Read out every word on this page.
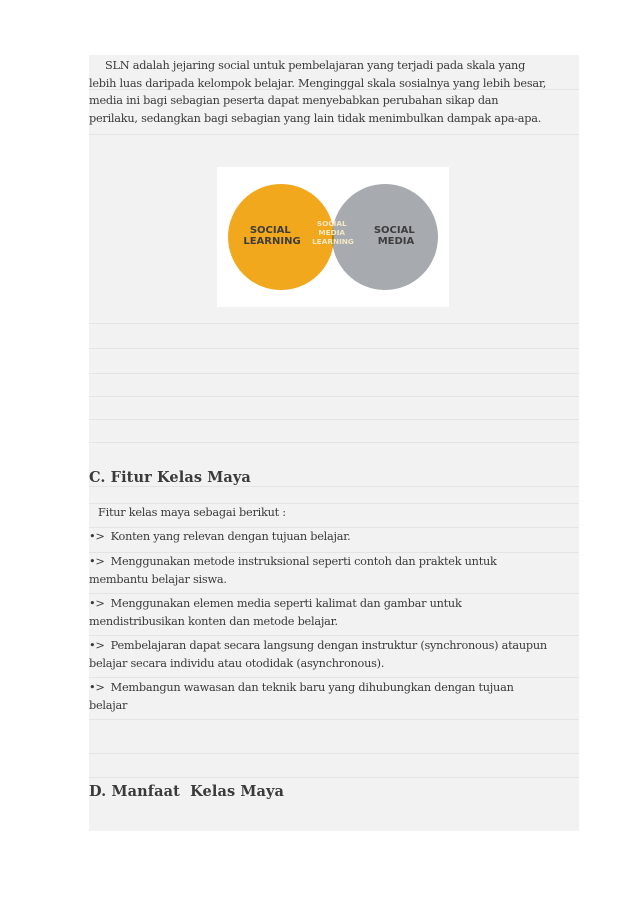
SLN adalah jejaring social untuk pembelajaran yang terjadi pada skala yang
lebih luas daripada kelompok belajar. Menginggal skala sosialnya yang lebih besar,
media ini bagi sebagian peserta dapat menyebabkan perubahan sikap dan
perilaku, sedangkan bagi sebagian yang lain tidak menimbulkan dampak apa-apa.

SOCIAL LEARNING
SOCIAL MEDIA LEARNING
SOCIAL MEDIA
C. Fitur Kelas Maya

Fitur kelas maya sebagai berikut :

•> Konten yang relevan dengan tujuan belajar.

•> Menggunakan metode instruksional seperti contoh dan praktek untuk
membantu belajar siswa.

•> Menggunakan elemen media seperti kalimat dan gambar untuk
mendistribusikan konten dan metode belajar.

•> Pembelajaran dapat secara langsung dengan instruktur (synchronous) ataupun
belajar secara individu atau otodidak (asynchronous).

•> Membangun wawasan dan teknik baru yang dihubungkan dengan tujuan
belajar

D. Manfaat  Kelas Maya
